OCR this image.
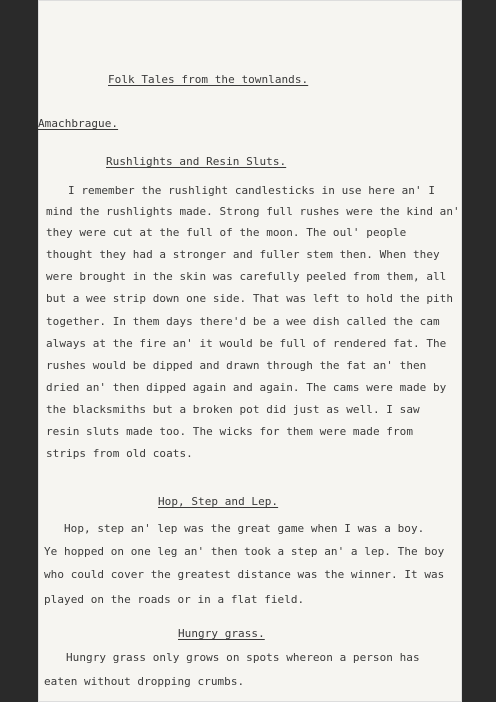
Folk Tales from the townlands.
Amachbrague.
Rushlights and Resin Sluts.
I remember the rushlight candlesticks in use here an' I
mind the rushlights made. Strong full rushes were the kind an'
they were cut at the full of the moon. The oul' people
thought they had a stronger and fuller stem then. When they
were brought in the skin was carefully peeled from them, all
but a wee strip down one side. That was left to hold the pith
together. In them days there'd be a wee dish called the cam
always at the fire an' it would be full of rendered fat. The
rushes would be dipped and drawn through the fat an' then
dried an' then dipped again and again. The cams were made by
the blacksmiths but a broken pot did just as well. I saw
resin sluts made too. The wicks for them were made from
strips from old coats.
Hop, Step and Lep.
Hop, step an' lep was the great game when I was a boy.
Ye hopped on one leg an' then took a step an' a lep. The boy
who could cover the greatest distance was the winner. It was
played on the roads or in a flat field.
Hungry grass.
Hungry grass only grows on spots whereon a person has
eaten without dropping crumbs.
